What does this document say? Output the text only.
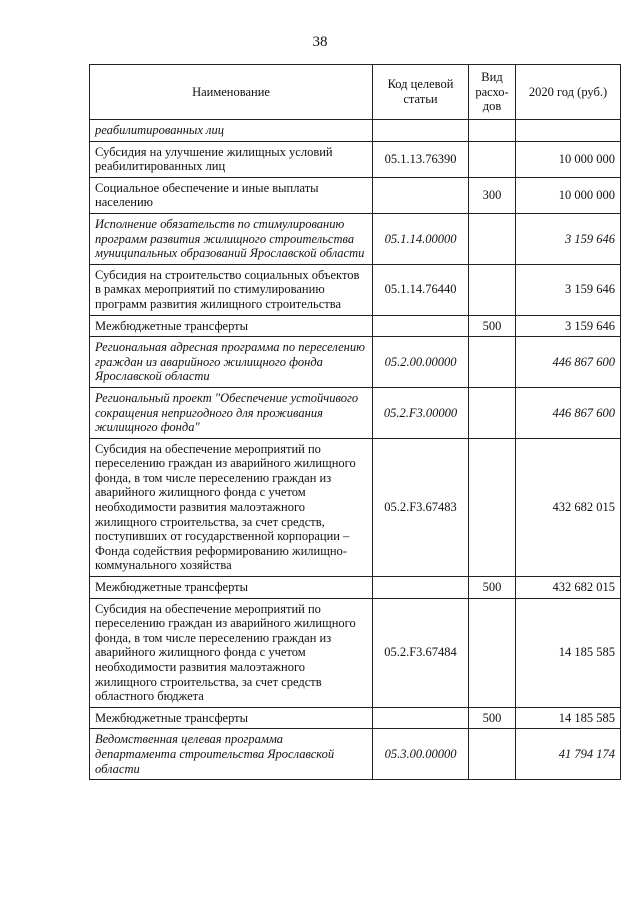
38
Наименование	Код целевой статьи	Вид расхо-дов	2020 год (руб.)
реабилитированных лиц			
Субсидия на улучшение жилищных условий реабилитированных лиц	05.1.13.76390		10 000 000
Социальное обеспечение и иные выплаты населению		300	10 000 000
Исполнение обязательств по стимулированию программ развития жилищного строительства муниципальных образований Ярославской области	05.1.14.00000		3 159 646
Субсидия на строительство социальных объектов в рамках мероприятий по стимулированию программ развития жилищного строительства	05.1.14.76440		3 159 646
Межбюджетные трансферты		500	3 159 646
Региональная адресная программа по переселению граждан из аварийного жилищного фонда Ярославской области	05.2.00.00000		446 867 600
Региональный проект "Обеспечение устойчивого сокращения непригодного для проживания жилищного фонда"	05.2.F3.00000		446 867 600
Субсидия на обеспечение мероприятий по переселению граждан из аварийного жилищного фонда, в том числе переселению граждан из аварийного жилищного фонда с учетом необходимости развития малоэтажного жилищного строительства, за счет средств, поступивших от государственной корпорации – Фонда содействия реформированию жилищно-коммунального хозяйства	05.2.F3.67483		432 682 015
Межбюджетные трансферты		500	432 682 015
Субсидия на обеспечение мероприятий по переселению граждан из аварийного жилищного фонда, в том числе переселению граждан из аварийного жилищного фонда с учетом необходимости развития малоэтажного жилищного строительства, за счет средств областного бюджета	05.2.F3.67484		14 185 585
Межбюджетные трансферты		500	14 185 585
Ведомственная целевая программа департамента строительства Ярославской области	05.3.00.00000		41 794 174
